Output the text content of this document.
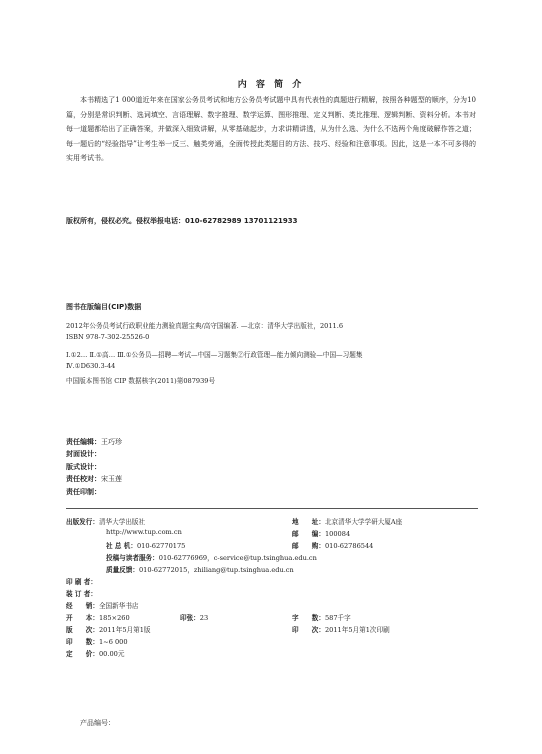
内 容 简 介
本书精选了1 000道近年来在国家公务员考试和地方公务员考试题中具有代表性的真题进行精解，按照各种题型的顺序，分为10篇，分别是常识判断、选词填空、言语理解、数字推理、数学运算、图形推理、定义判断、类比推理、逻辑判断、资料分析。本书对每一道题都给出了正确答案，并做深入细致讲解，从零基础起步，力求讲精讲透，从为什么选、为什么不选两个角度破解作答之道；每一题后的“经验指导”让考生举一反三、触类旁通，全面传授此类题目的方法、技巧、经验和注意事项。因此，这是一本不可多得的实用考试书。
版权所有，侵权必究。侵权举报电话：010-62782989 13701121933
图书在版编目(CIP)数据
2012年公务员考试行政职业能力测验真题宝典/高守国编著. —北京：清华大学出版社，2011.6
ISBN 978-7-302-25526-0
Ⅰ.①2… Ⅱ.①高… Ⅲ.①公务员—招聘—考试—中国—习题集②行政管理—能力倾向测验—中国—习题集
Ⅳ.①D630.3-44
中国版本图书馆 CIP 数据核字(2011)第087939号
责任编辑：王巧珍
封面设计：
版式设计：
责任校对：宋玉莲
责任印制：
出版发行：清华大学出版社
http://www.tup.com.cn
社 总 机：010-62770175
地　　址：北京清华大学学研大厦A座
邮　　编：100084
邮　　购：010-62786544
投稿与读者服务：010-62776969，c-service@tup.tsinghua.edu.cn
质量反馈：010-62772015，zhiliang@tup.tsinghua.edu.cn
印 刷 者：
装 订 者：
经　　销：全国新华书店
开　　本：185×260	印张：23	字　　数：587千字
版　　次：2011年5月第1版	印　　次：2011年5月第1次印刷
印　　数：1~6 000
定　　价：00.00元
产品编号：
